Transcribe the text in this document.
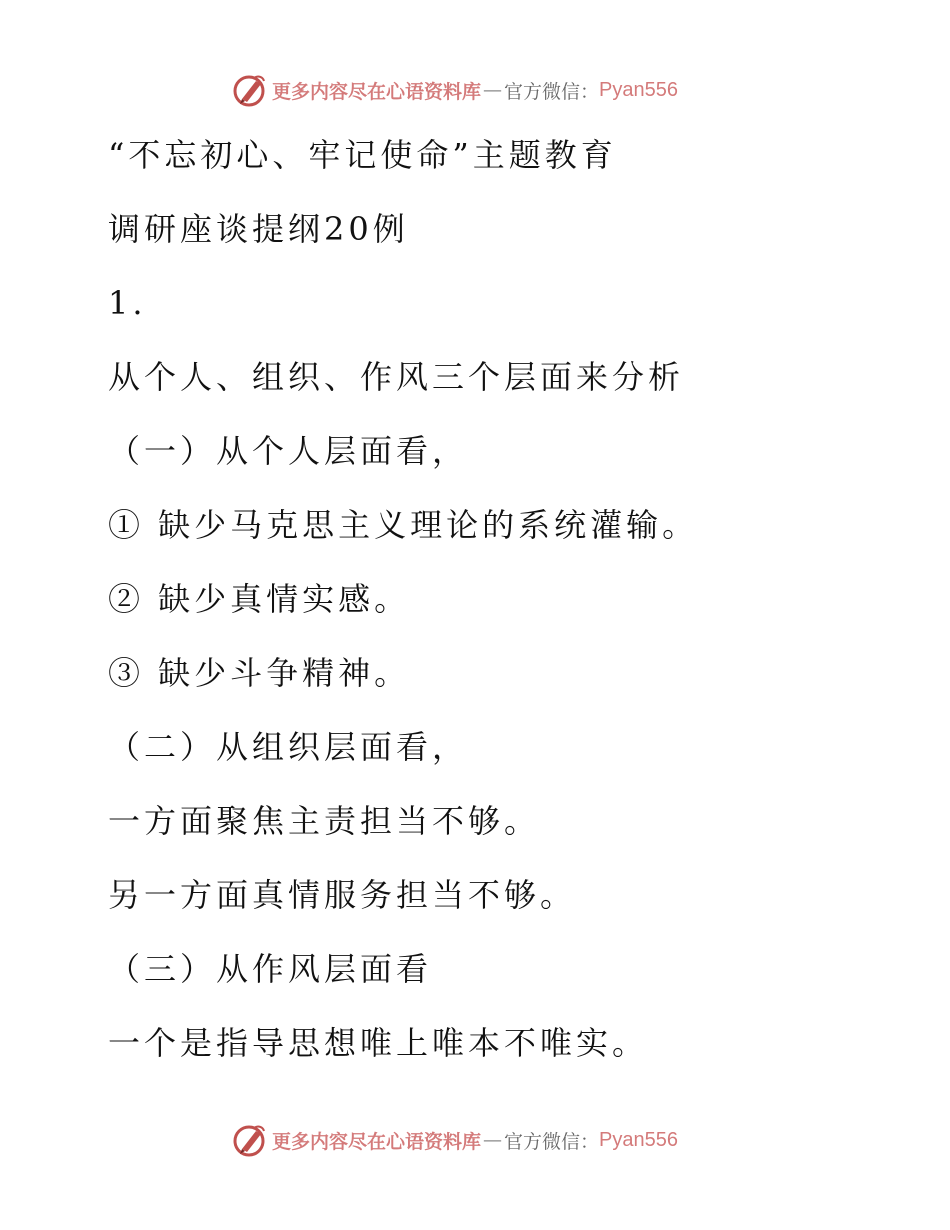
更多内容尽在心语资料库 — 官方微信： Pyan556
“不忘初心、牢记使命”主题教育
调研座谈提纲20例
1.
从个人、组织、作风三个层面来分析
（一）从个人层面看，
① 缺少马克思主义理论的系统灌输。
② 缺少真情实感。
③ 缺少斗争精神。
（二）从组织层面看，
一方面聚焦主责担当不够。
另一方面真情服务担当不够。
（三）从作风层面看
一个是指导思想唯上唯本不唯实。
更多内容尽在心语资料库 — 官方微信： Pyan556
